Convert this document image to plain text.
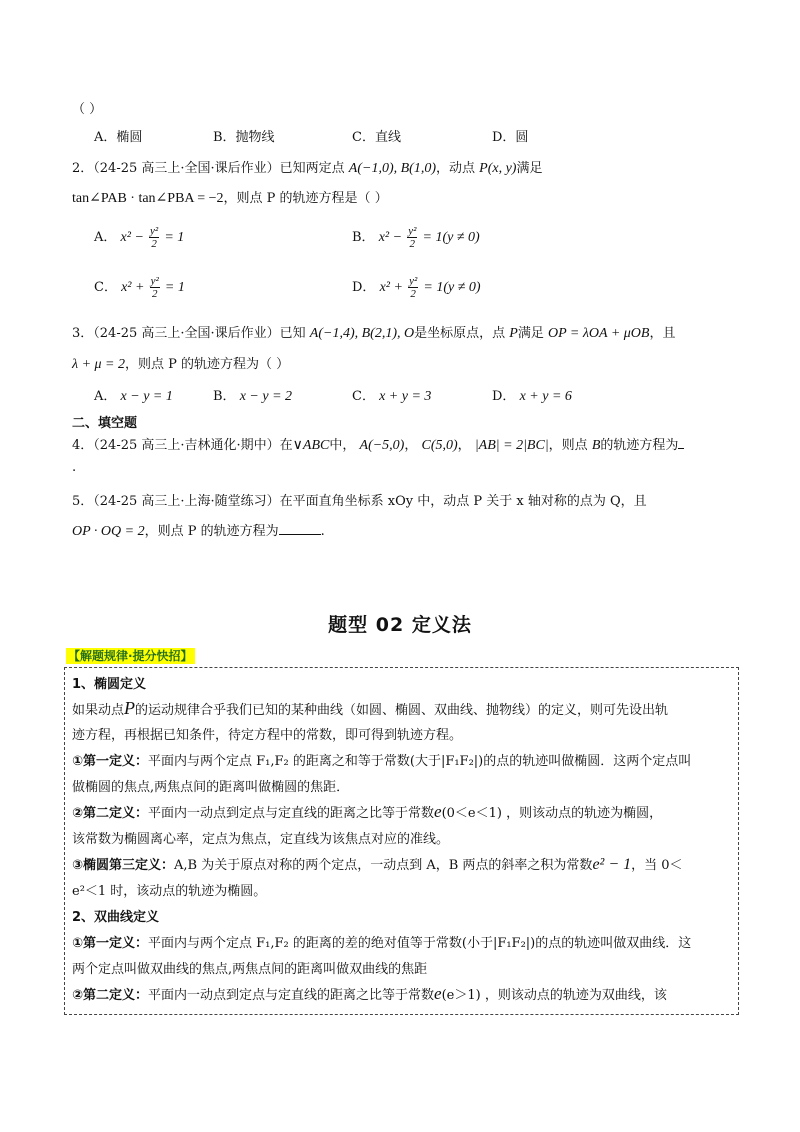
（ ）
A．椭圆	B．抛物线	C．直线	D．圆
2．（24-25 高三上·全国·课后作业）已知两定点 A(−1,0), B(1,0)，动点 P(x, y)满足
tan∠PAB · tan∠PBA = −2，则点 P 的轨迹方程是（ ）
A． $x^2 - \frac{\text{y²}}{2} = 1$	B． $x^2 - \frac{\text{y²}}{2} = 1(y \ne 0)$
C． $x^2 + \frac{\text{y²}}{2} = 1$	D． $x^2 + \frac{\text{y²}}{2} = 1(y \ne 0)$
3．（24-25 高三上·全国·课后作业）已知 A(−1,4), B(2,1), O是坐标原点，点 P满足 OP = λOA + μOB，且
λ + μ = 2，则点 P 的轨迹方程为（ ）
A． x − y = 1	B． x − y = 2	C． x + y = 3	D． x + y = 6
二、填空题
4．（24-25 高三上·吉林通化·期中）在∨ABC中， A(−5,0)， C(5,0)， |AB| = 2|BC|，则点 B的轨迹方程为
.
5．（24-25 高三上·上海·随堂练习）在平面直角坐标系 xOy 中，动点 P 关于 x 轴对称的点为 Q，且
OP · OQ = 2，则点 P 的轨迹方程为	.
题型 02 定义法
【解题规律·提分快招】
1、椭圆定义
如果动点P的运动规律合乎我们已知的某种曲线（如圆、椭圆、双曲线、抛物线）的定义，则可先设出轨
迹方程，再根据已知条件，待定方程中的常数，即可得到轨迹方程。
①第一定义：平面内与两个定点 F₁,F₂ 的距离之和等于常数(大于|F₁F₂|)的点的轨迹叫做椭圆．这两个定点叫
做椭圆的焦点,两焦点间的距离叫做椭圆的焦距．
②第二定义：平面内一动点到定点与定直线的距离之比等于常数e(0＜e＜1) ，则该动点的轨迹为椭圆，
该常数为椭圆离心率，定点为焦点，定直线为该焦点对应的准线。
③椭圆第三定义：A,B 为关于原点对称的两个定点，一动点到 A，B 两点的斜率之积为常数e² − 1，当 0＜
e²＜1 时，该动点的轨迹为椭圆。
2、双曲线定义
①第一定义：平面内与两个定点 F₁,F₂ 的距离的差的绝对值等于常数(小于|F₁F₂|)的点的轨迹叫做双曲线．这
两个定点叫做双曲线的焦点,两焦点间的距离叫做双曲线的焦距
②第二定义：平面内一动点到定点与定直线的距离之比等于常数e(e＞1) ，则该动点的轨迹为双曲线，该
